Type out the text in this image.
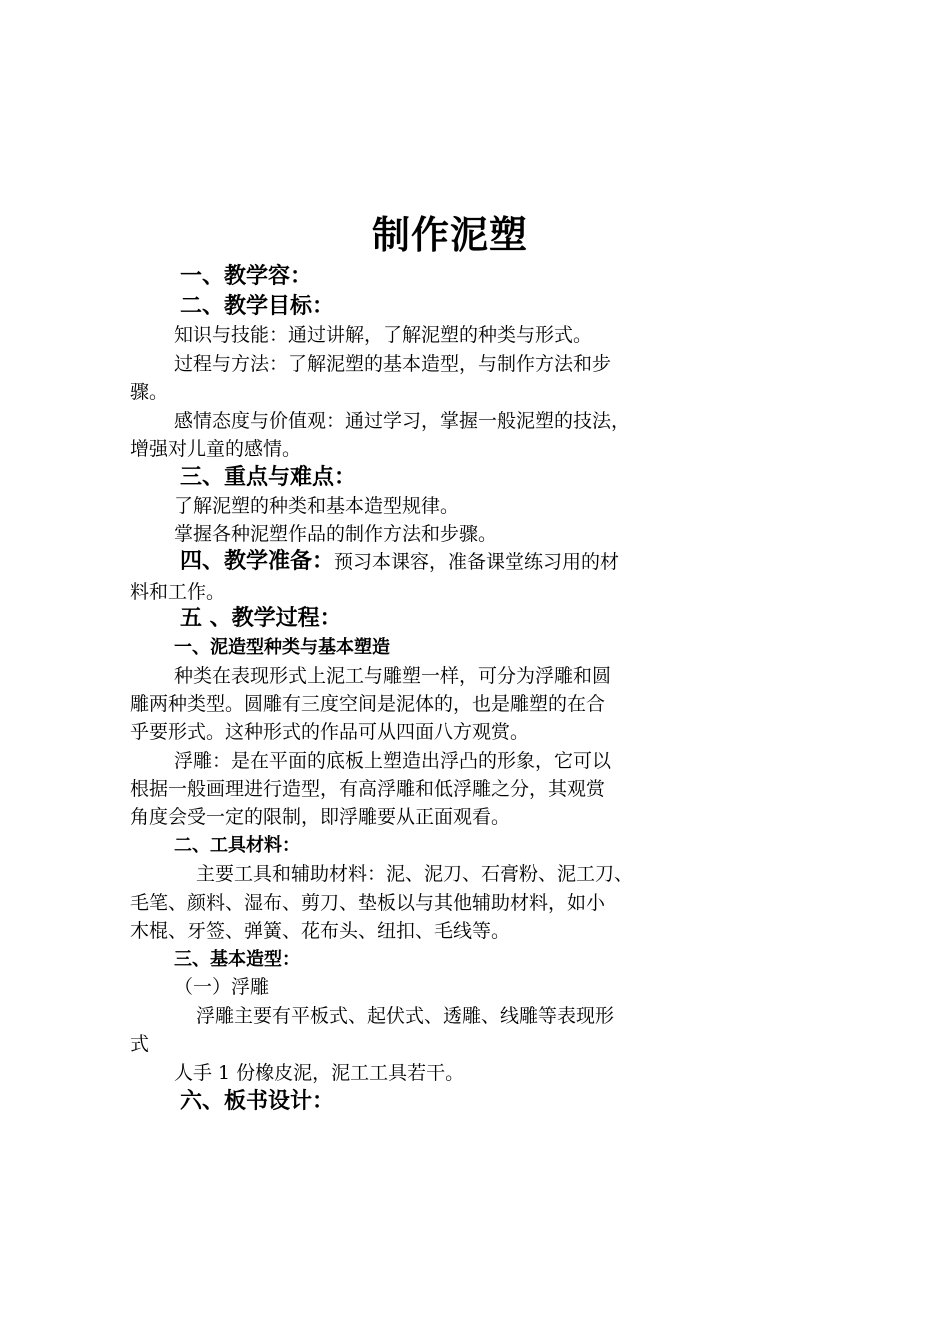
制作泥塑
一、教学容：
二、教学目标：
知识与技能：通过讲解，了解泥塑的种类与形式。
过程与方法：了解泥塑的基本造型，与制作方法和步
骤。
感情态度与价值观：通过学习，掌握一般泥塑的技法，
增强对儿童的感情。
三、重点与难点：
了解泥塑的种类和基本造型规律。
掌握各种泥塑作品的制作方法和步骤。
四、教学准备：预习本课容，准备课堂练习用的材
料和工作。
五 、教学过程：
一、泥造型种类与基本塑造
种类在表现形式上泥工与雕塑一样，可分为浮雕和圆
雕两种类型。圆雕有三度空间是泥体的，也是雕塑的在合
乎要形式。这种形式的作品可从四面八方观赏。
浮雕：是在平面的底板上塑造出浮凸的形象，它可以
根据一般画理进行造型，有高浮雕和低浮雕之分，其观赏
角度会受一定的限制，即浮雕要从正面观看。
二、工具材料：
主要工具和辅助材料：泥、泥刀、石膏粉、泥工刀、
毛笔、颜料、湿布、剪刀、垫板以与其他辅助材料，如小
木棍、牙签、弹簧、花布头、纽扣、毛线等。
三、基本造型：
（一）浮雕
浮雕主要有平板式、起伏式、透雕、线雕等表现形
式
人手 1 份橡皮泥，泥工工具若干。
六、板书设计：
